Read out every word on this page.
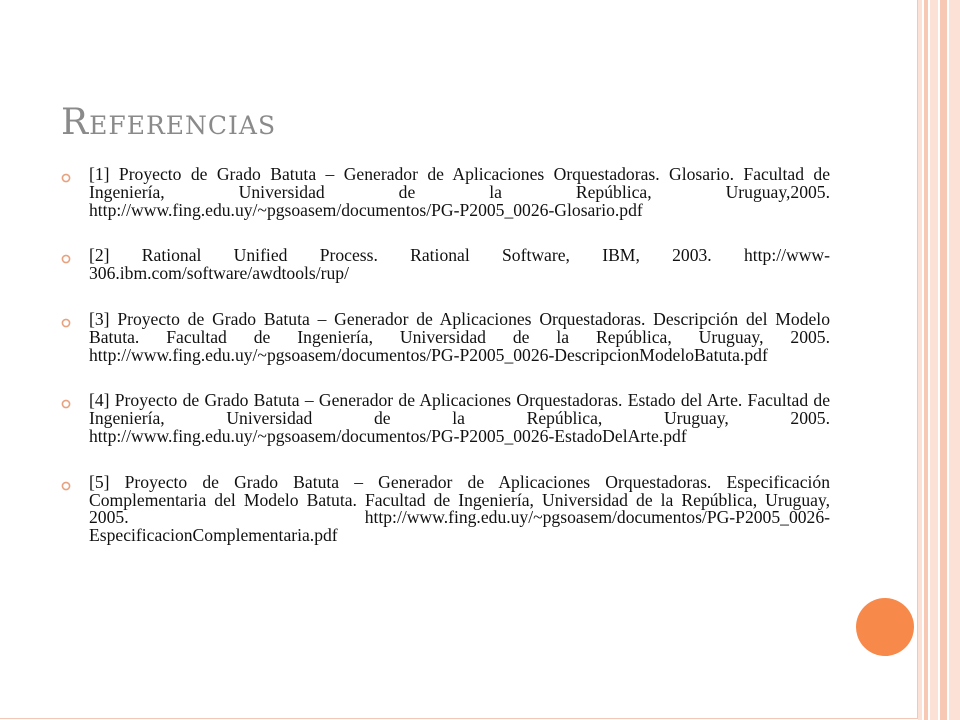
Referencias
[1] Proyecto de Grado Batuta – Generador de Aplicaciones Orquestadoras. Glosario. Facultad de Ingeniería, Universidad de la República, Uruguay,2005. http://www.fing.edu.uy/~pgsoasem/documentos/PG-P2005_0026-Glosario.pdf
[2] Rational Unified Process. Rational Software, IBM, 2003. http://www-306.ibm.com/software/awdtools/rup/
[3] Proyecto de Grado Batuta – Generador de Aplicaciones Orquestadoras. Descripción del Modelo Batuta. Facultad de Ingeniería, Universidad de la República, Uruguay, 2005. http://www.fing.edu.uy/~pgsoasem/documentos/PG-P2005_0026-DescripcionModeloBatuta.pdf
[4] Proyecto de Grado Batuta – Generador de Aplicaciones Orquestadoras. Estado del Arte. Facultad de Ingeniería, Universidad de la República, Uruguay, 2005. http://www.fing.edu.uy/~pgsoasem/documentos/PG-P2005_0026-EstadoDelArte.pdf
[5] Proyecto de Grado Batuta – Generador de Aplicaciones Orquestadoras. Especificación Complementaria del Modelo Batuta. Facultad de Ingeniería, Universidad de la República, Uruguay, 2005. http://www.fing.edu.uy/~pgsoasem/documentos/PG-P2005_0026-EspecificacionComplementaria.pdf
